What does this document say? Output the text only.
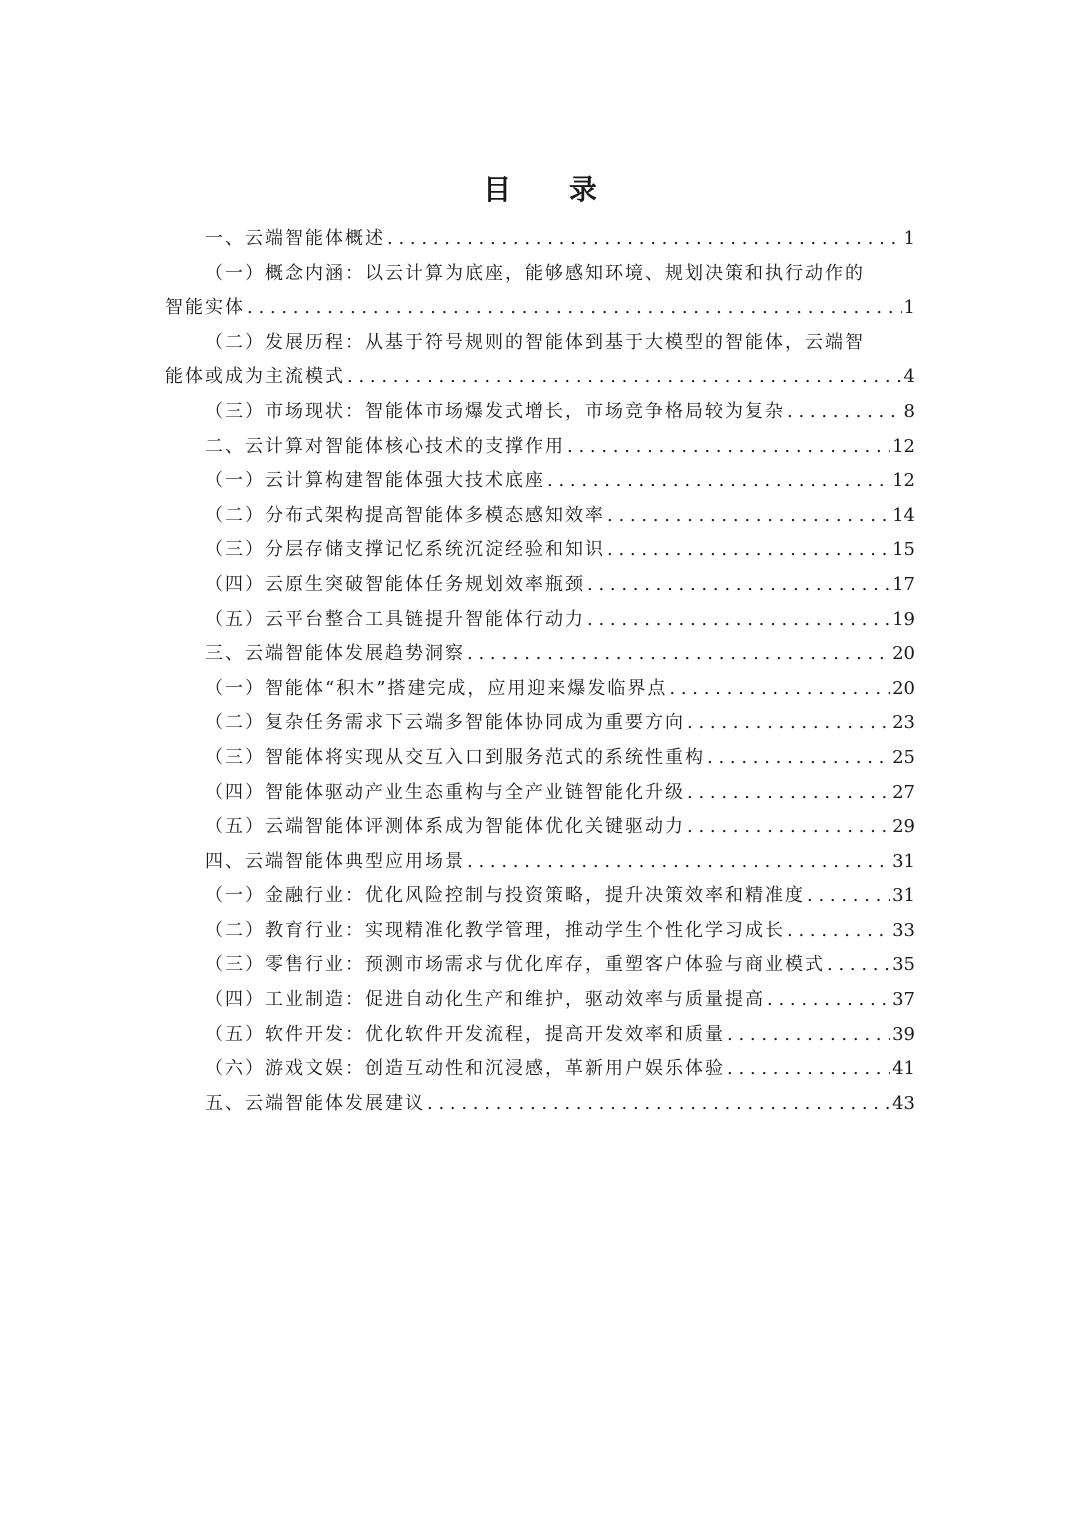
目 录
一、云端智能体概述 . . .	1
（一）概念内涵：以云计算为底座，能够感知环境、规划决策和执行动作的
智能实体 . . .	1
（二）发展历程：从基于符号规则的智能体到基于大模型的智能体，云端智
能体或成为主流模式 . . .	4
（三）市场现状：智能体市场爆发式增长，市场竞争格局较为复杂 . . .	8
二、云计算对智能体核心技术的支撑作用 . . .	12
（一）云计算构建智能体强大技术底座 . . .	12
（二）分布式架构提高智能体多模态感知效率 . . .	14
（三）分层存储支撑记忆系统沉淀经验和知识 . . .	15
（四）云原生突破智能体任务规划效率瓶颈 . . .	17
（五）云平台整合工具链提升智能体行动力 . . .	19
三、云端智能体发展趋势洞察 . . .	20
（一）智能体“积木”搭建完成，应用迎来爆发临界点 . . .	20
（二）复杂任务需求下云端多智能体协同成为重要方向 . . .	23
（三）智能体将实现从交互入口到服务范式的系统性重构 . . .	25
（四）智能体驱动产业生态重构与全产业链智能化升级 . . .	27
（五）云端智能体评测体系成为智能体优化关键驱动力 . . .	29
四、云端智能体典型应用场景 . . .	31
（一）金融行业：优化风险控制与投资策略，提升决策效率和精准度 . . .	31
（二）教育行业：实现精准化教学管理，推动学生个性化学习成长 . . .	33
（三）零售行业：预测市场需求与优化库存，重塑客户体验与商业模式 . . .	35
（四）工业制造：促进自动化生产和维护，驱动效率与质量提高 . . .	37
（五）软件开发：优化软件开发流程，提高开发效率和质量 . . .	39
（六）游戏文娱：创造互动性和沉浸感，革新用户娱乐体验 . . .	41
五、云端智能体发展建议 . . .	43
